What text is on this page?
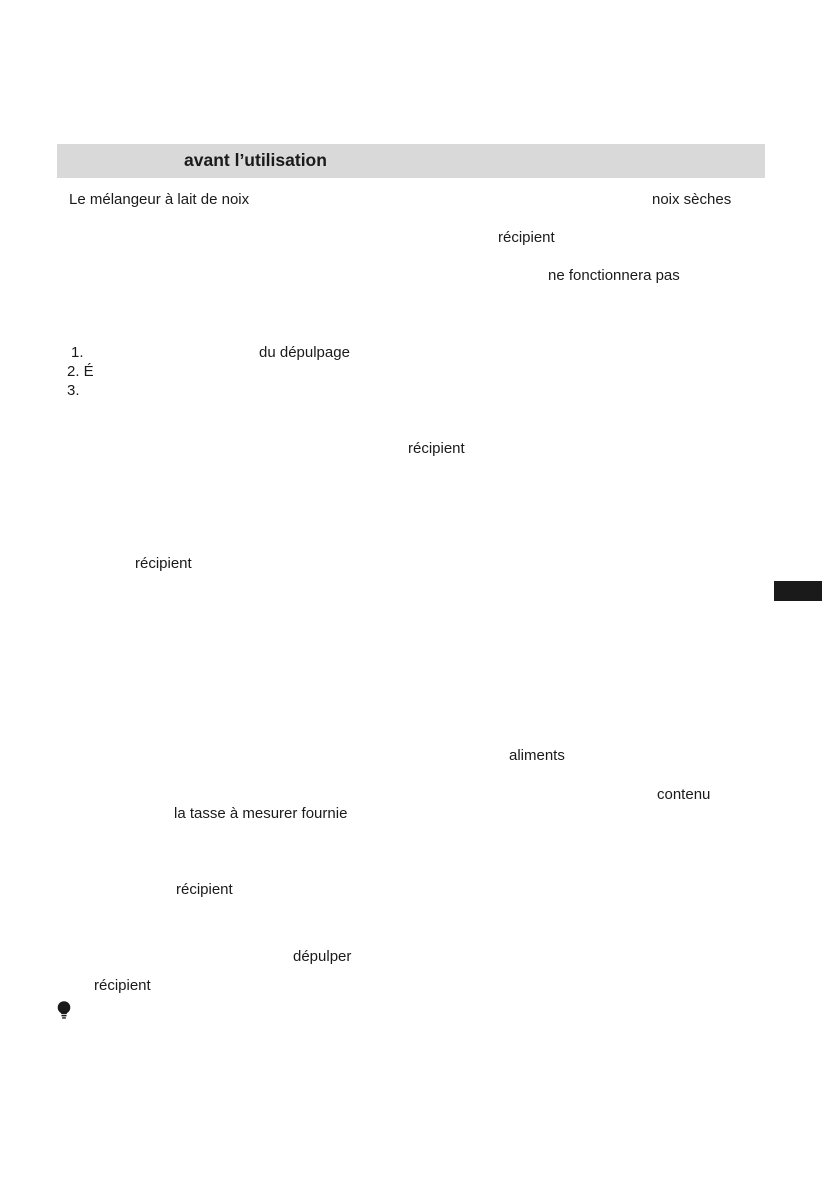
avant l’utilisation
Le mélangeur à lait de noix	noix sèches
récipient
ne fonctionnera pas
1.	du dépulpage
2. É
3.
récipient
récipient
aliments
contenu
la tasse à mesurer fournie
récipient
dépulper
récipient
